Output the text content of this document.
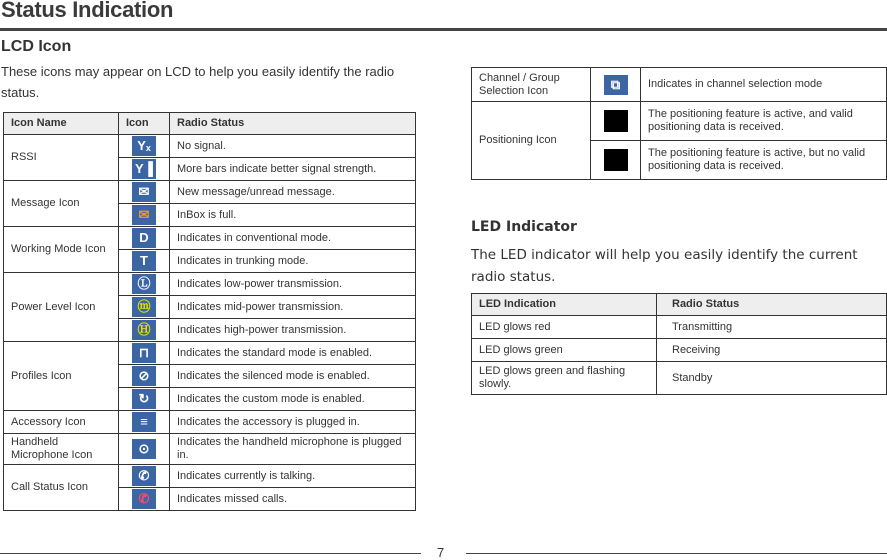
Status Indication
LCD Icon
These icons may appear on LCD to help you easily identify the radio status.
Icon Name	Icon	Radio Status
RSSI	Yₓ	No signal.
	Y▐	More bars indicate better signal strength.
Message Icon	✉	New message/unread message.
	✉	InBox is full.
Working Mode Icon	D	Indicates in conventional mode.
	T	Indicates in trunking mode.
Power Level Icon	Ⓛ	Indicates low-power transmission.
	ⓜ	Indicates mid-power transmission.
	Ⓗ	Indicates high-power transmission.
Profiles Icon	⊓	Indicates the standard mode is enabled.
	⊘	Indicates the silenced mode is enabled.
	↻	Indicates the custom mode is enabled.
Accessory Icon	≡	Indicates the accessory is plugged in.
Handheld Microphone Icon	⊙	Indicates the handheld microphone is plugged in.
Call Status Icon	✆	Indicates currently is talking.
	✆	Indicates missed calls.
Channel / Group Selection Icon	⧉	Indicates in channel selection mode
Positioning Icon		The positioning feature is active, and valid positioning data is received.
		The positioning feature is active, but no valid positioning data is received.
LED Indicator
The LED indicator will help you easily identify the current radio status.
LED Indication	Radio Status
LED glows red	Transmitting
LED glows green	Receiving
LED glows green and flashing slowly.	Standby
7
